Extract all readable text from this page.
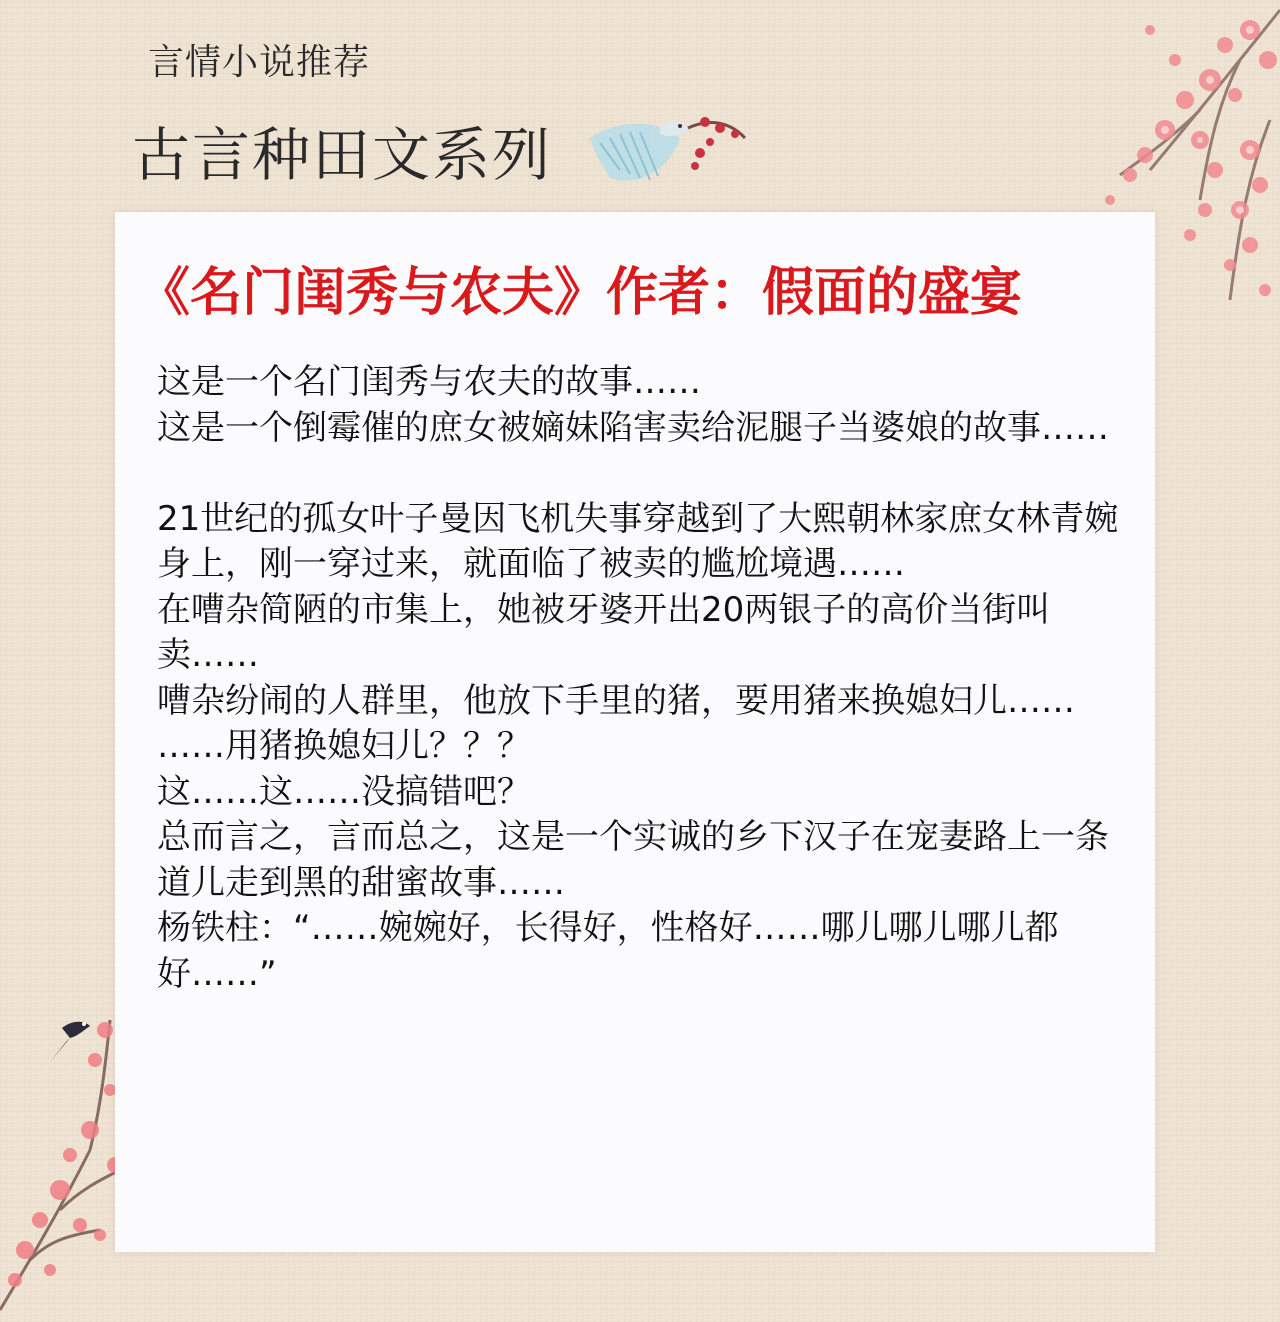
言情小说推荐
古言种田文系列
《名门闺秀与农夫》作者：假面的盛宴

这是一个名门闺秀与农夫的故事……

这是一个倒霉催的庶女被嫡妹陷害卖给泥腿子当婆娘的故事……

21世纪的孤女叶子曼因飞机失事穿越到了大熙朝林家庶女林青婉身上，刚一穿过来，就面临了被卖的尴尬境遇……

在嘈杂简陋的市集上，她被牙婆开出20两银子的高价当街叫卖……

嘈杂纷闹的人群里，他放下手里的猪，要用猪来换媳妇儿……

……用猪换媳妇儿？？？

这……这……没搞错吧？

总而言之，言而总之，这是一个实诚的乡下汉子在宠妻路上一条道儿走到黑的甜蜜故事……

杨铁柱：“……婉婉好，长得好，性格好……哪儿哪儿哪儿都好……”
